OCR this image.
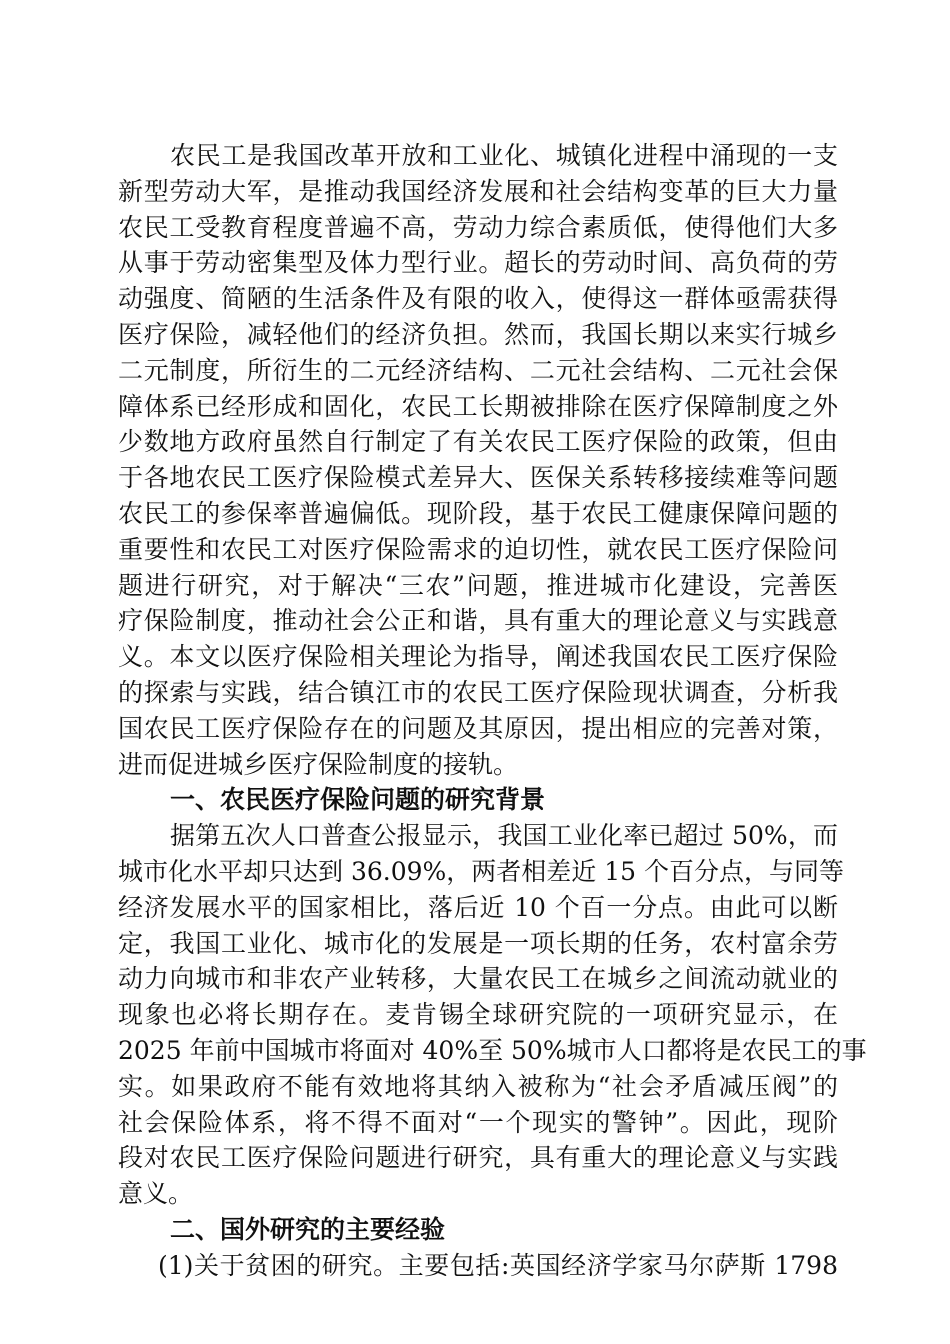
农民工是我国改革开放和工业化、城镇化进程中涌现的一支
新型劳动大军，是推动我国经济发展和社会结构变革的巨大力量
农民工受教育程度普遍不高，劳动力综合素质低，使得他们大多
从事于劳动密集型及体力型行业。超长的劳动时间、高负荷的劳
动强度、简陋的生活条件及有限的收入，使得这一群体亟需获得
医疗保险，减轻他们的经济负担。然而，我国长期以来实行城乡
二元制度，所衍生的二元经济结构、二元社会结构、二元社会保
障体系已经形成和固化，农民工长期被排除在医疗保障制度之外
少数地方政府虽然自行制定了有关农民工医疗保险的政策，但由
于各地农民工医疗保险模式差异大、医保关系转移接续难等问题
农民工的参保率普遍偏低。现阶段，基于农民工健康保障问题的
重要性和农民工对医疗保险需求的迫切性，就农民工医疗保险问
题进行研究，对于解决“三农”问题，推进城市化建设，完善医
疗保险制度，推动社会公正和谐，具有重大的理论意义与实践意
义。本文以医疗保险相关理论为指导，阐述我国农民工医疗保险
的探索与实践，结合镇江市的农民工医疗保险现状调查，分析我
国农民工医疗保险存在的问题及其原因，提出相应的完善对策，
进而促进城乡医疗保险制度的接轨。
一、农民医疗保险问题的研究背景
据第五次人口普查公报显示，我国工业化率已超过 50%，而
城市化水平却只达到 36.09%，两者相差近 15 个百分点，与同等
经济发展水平的国家相比，落后近 10 个百一分点。由此可以断
定，我国工业化、城市化的发展是一项长期的任务，农村富余劳
动力向城市和非农产业转移，大量农民工在城乡之间流动就业的
现象也必将长期存在。麦肯锡全球研究院的一项研究显示，在
2025 年前中国城市将面对 40%至 50%城市人口都将是农民工的事
实。如果政府不能有效地将其纳入被称为“社会矛盾减压阀”的
社会保险体系，将不得不面对“一个现实的警钟”。因此，现阶
段对农民工医疗保险问题进行研究，具有重大的理论意义与实践
意义。
二、国外研究的主要经验
(1)关于贫困的研究。主要包括:英国经济学家马尔萨斯 1798
